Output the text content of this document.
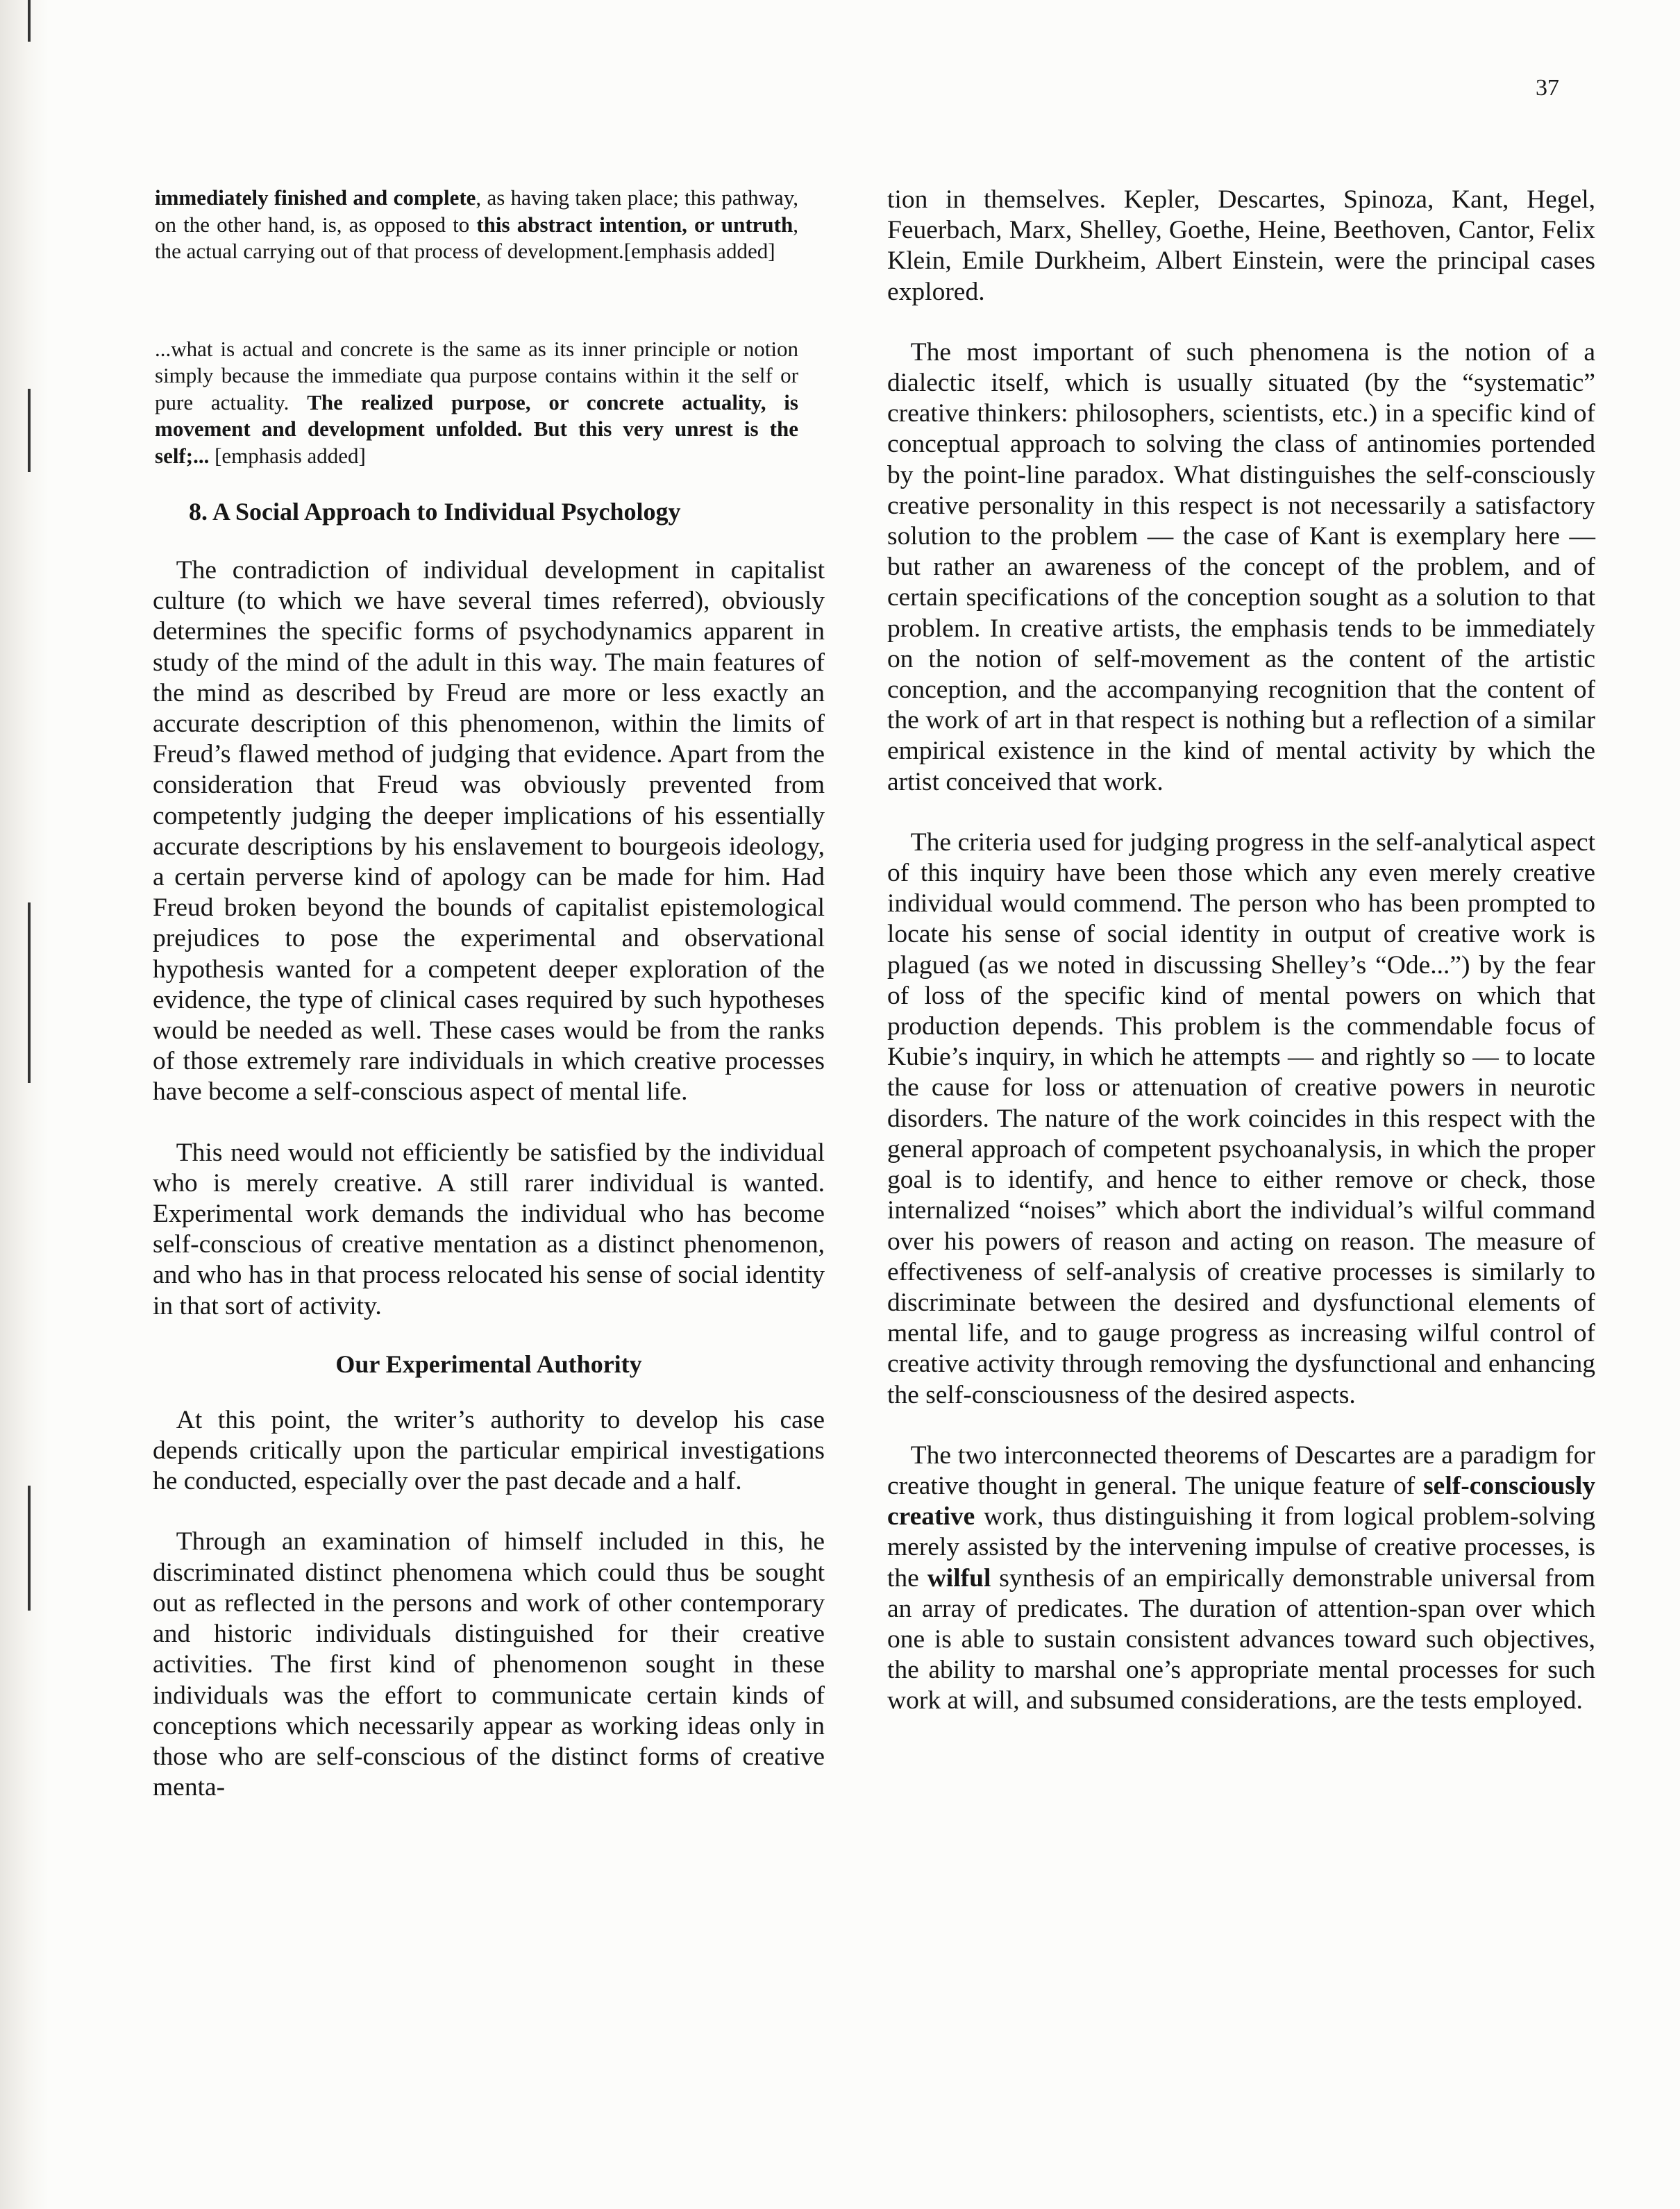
37

immediately finished and complete, as having taken place; this pathway, on the other hand, is, as opposed to this abstract intention, or untruth, the actual carrying out of that process of development.[emphasis added]

...what is actual and concrete is the same as its inner principle or notion simply because the immediate qua purpose contains within it the self or pure actuality. The realized purpose, or concrete actuality, is movement and development unfolded. But this very unrest is the self;... [emphasis added]

8. A Social Approach to Individual Psychology

The contradiction of individual development in capitalist culture (to which we have several times referred), obviously determines the specific forms of psychodynamics apparent in study of the mind of the adult in this way. The main features of the mind as described by Freud are more or less exactly an accurate description of this phenomenon, within the limits of Freud’s flawed method of judging that evidence. Apart from the consideration that Freud was obviously prevented from competently judging the deeper implications of his essentially accurate descriptions by his enslavement to bourgeois ideology, a certain perverse kind of apology can be made for him. Had Freud broken beyond the bounds of capitalist epistemological prejudices to pose the experimental and observational hypothesis wanted for a competent deeper exploration of the evidence, the type of clinical cases required by such hypotheses would be needed as well. These cases would be from the ranks of those extremely rare individuals in which creative processes have become a self-conscious aspect of mental life.

This need would not efficiently be satisfied by the individual who is merely creative. A still rarer individual is wanted. Experimental work demands the individual who has become self-conscious of creative mentation as a distinct phenomenon, and who has in that process relocated his sense of social identity in that sort of activity.

Our Experimental Authority

At this point, the writer’s authority to develop his case depends critically upon the particular empirical investigations he conducted, especially over the past decade and a half.

Through an examination of himself included in this, he discriminated distinct phenomena which could thus be sought out as reflected in the persons and work of other contemporary and historic individuals distinguished for their creative activities. The first kind of phenomenon sought in these individuals was the effort to communicate certain kinds of conceptions which necessarily appear as working ideas only in those who are self-conscious of the distinct forms of creative menta-

tion in themselves. Kepler, Descartes, Spinoza, Kant, Hegel, Feuerbach, Marx, Shelley, Goethe, Heine, Beethoven, Cantor, Felix Klein, Emile Durkheim, Albert Einstein, were the principal cases explored.

The most important of such phenomena is the notion of a dialectic itself, which is usually situated (by the “systematic” creative thinkers: philosophers, scientists, etc.) in a specific kind of conceptual approach to solving the class of antinomies portended by the point-line paradox. What distinguishes the self-consciously creative personality in this respect is not necessarily a satisfactory solution to the problem — the case of Kant is exemplary here — but rather an awareness of the concept of the problem, and of certain specifications of the conception sought as a solution to that problem. In creative artists, the emphasis tends to be immediately on the notion of self-movement as the content of the artistic conception, and the accompanying recognition that the content of the work of art in that respect is nothing but a reflection of a similar empirical existence in the kind of mental activity by which the artist conceived that work.

The criteria used for judging progress in the self-analytical aspect of this inquiry have been those which any even merely creative individual would commend. The person who has been prompted to locate his sense of social identity in output of creative work is plagued (as we noted in discussing Shelley’s “Ode...”) by the fear of loss of the specific kind of mental powers on which that production depends. This problem is the commendable focus of Kubie’s inquiry, in which he attempts — and rightly so — to locate the cause for loss or attenuation of creative powers in neurotic disorders. The nature of the work coincides in this respect with the general approach of competent psychoanalysis, in which the proper goal is to identify, and hence to either remove or check, those internalized “noises” which abort the individual’s wilful command over his powers of reason and acting on reason. The measure of effectiveness of self-analysis of creative processes is similarly to discriminate between the desired and dysfunctional elements of mental life, and to gauge progress as increasing wilful control of creative activity through removing the dysfunctional and enhancing the self-consciousness of the desired aspects.

The two interconnected theorems of Descartes are a paradigm for creative thought in general. The unique feature of self-consciously creative work, thus distinguishing it from logical problem-solving merely assisted by the intervening impulse of creative processes, is the wilful synthesis of an empirically demonstrable universal from an array of predicates. The duration of attention-span over which one is able to sustain consistent advances toward such objectives, the ability to marshal one’s appropriate mental processes for such work at will, and subsumed considerations, are the tests employed.
